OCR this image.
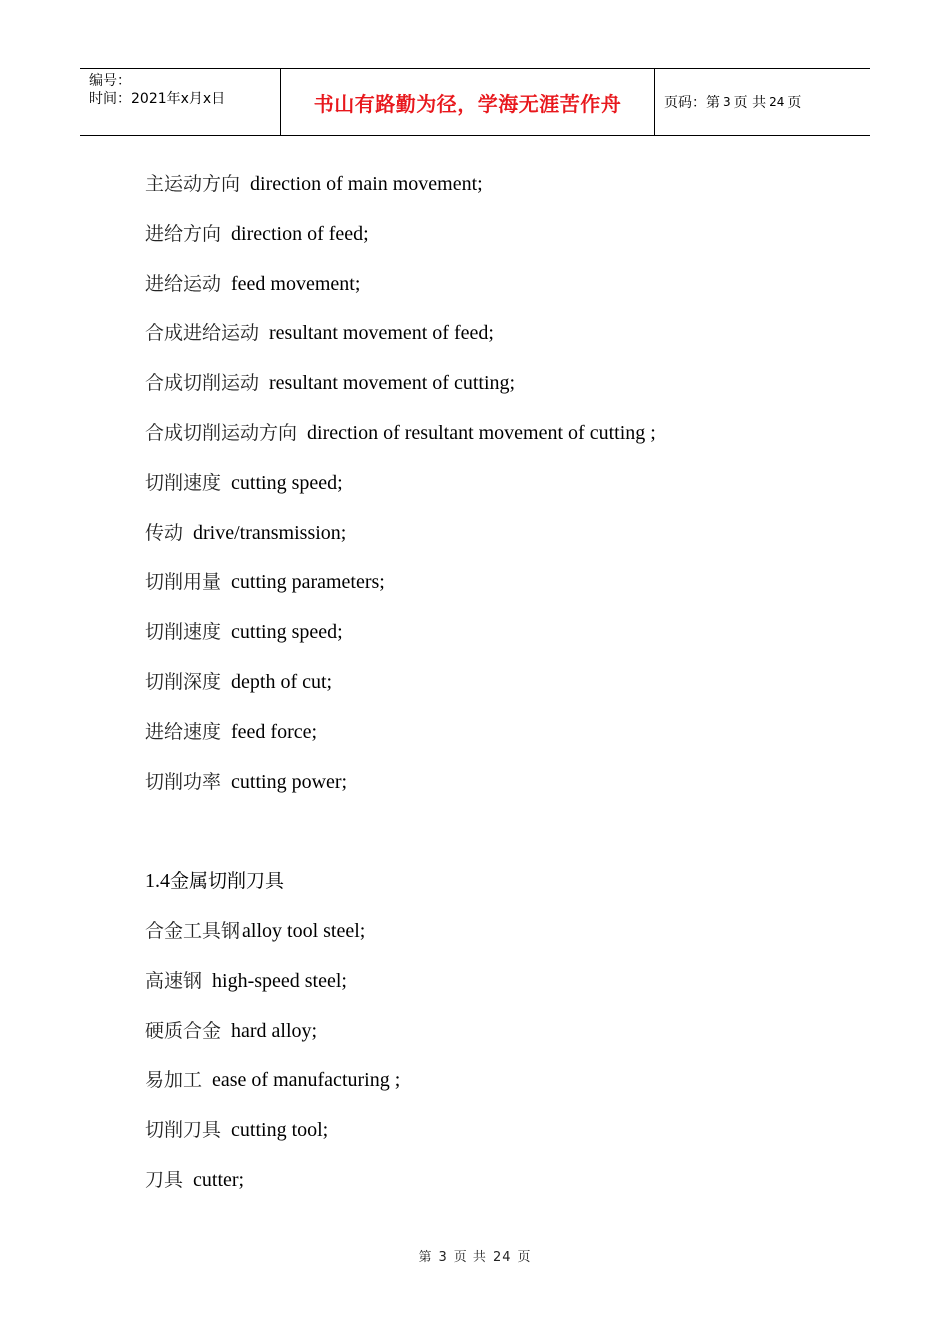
编号：
时间：2021年x月x日	书山有路勤为径，学海无涯苦作舟	页码：第 3 页 共 24 页
主运动方向 direction of main movement;
进给方向 direction of feed;
进给运动 feed movement;
合成进给运动 resultant movement of feed;
合成切削运动 resultant movement of cutting;
合成切削运动方向 direction of resultant movement of cutting ;
切削速度 cutting speed;
传动 drive/transmission;
切削用量 cutting parameters;
切削速度 cutting speed;
切削深度 depth of cut;
进给速度 feed force;
切削功率 cutting power;
1.4金属切削刀具
合金工具钢 alloy tool steel;
高速钢 high-speed steel;
硬质合金 hard alloy;
易加工 ease of manufacturing ;
切削刀具 cutting tool;
刀具 cutter;
第 3 页 共 24 页
